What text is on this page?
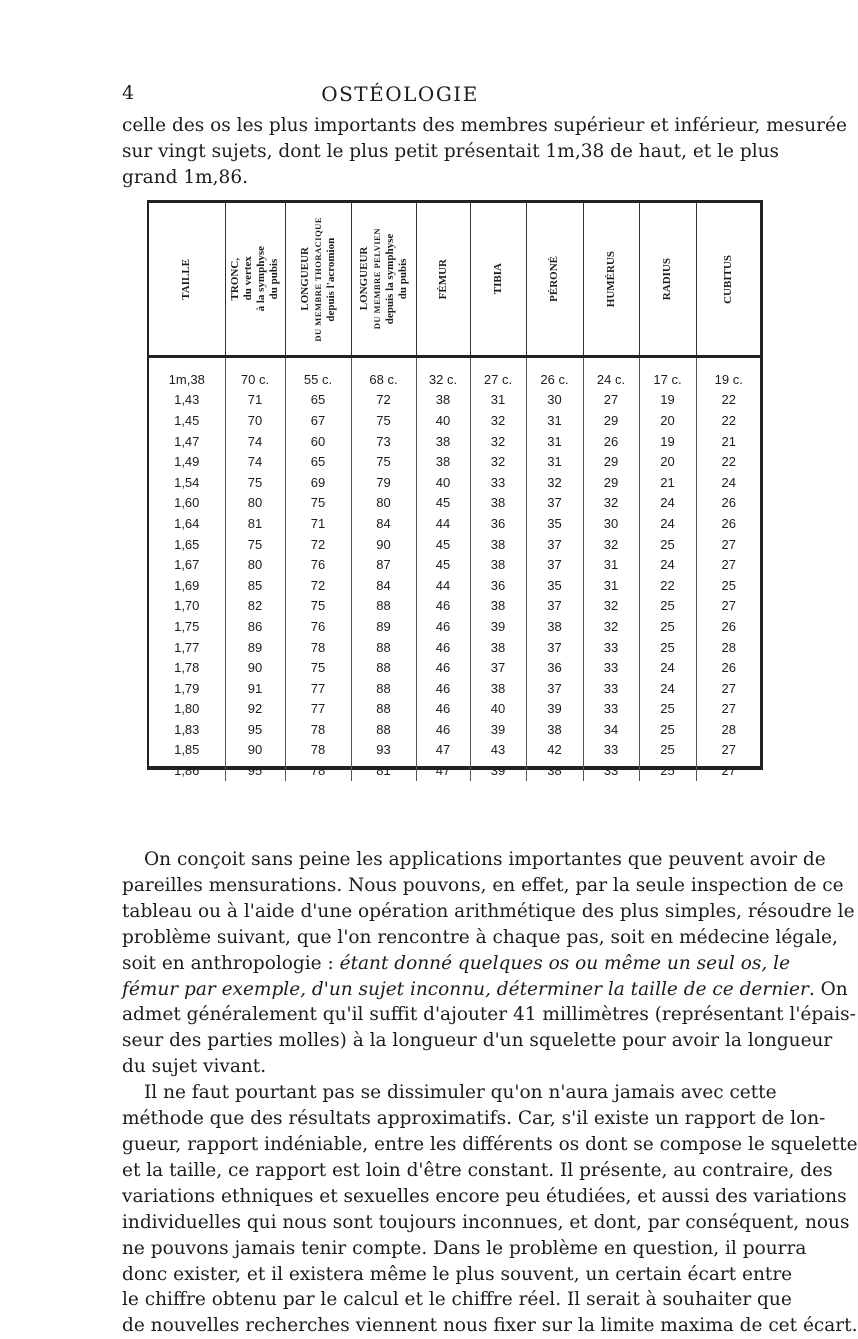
4	OSTÉOLOGIE
celle des os les plus importants des membres supérieur et inférieur, mesurée
sur vingt sujets, dont le plus petit présentait 1m,38 de haut, et le plus
grand 1m,86.
TAILLE	TRONC, du vertex à la symphyse du pubis	LONGUEUR DU MEMBRE THORACIQUE depuis l'acromion	LONGUEUR DU MEMBRE PELVIEN depuis la symphyse du pubis	FÉMUR	TIBIA	PÉRONÉ	HUMÉRUS	RADIUS	CUBITUS

1m,38	70 c.	55 c.	68 c.	32 c.	27 c.	26 c.	24 c.	17 c.	19 c.
1,43	71	65	72	38	31	30	27	19	22
1,45	70	67	75	40	32	31	29	20	22
1,47	74	60	73	38	32	31	26	19	21
1,49	74	65	75	38	32	31	29	20	22
1,54	75	69	79	40	33	32	29	21	24
1,60	80	75	80	45	38	37	32	24	26
1,64	81	71	84	44	36	35	30	24	26
1,65	75	72	90	45	38	37	32	25	27
1,67	80	76	87	45	38	37	31	24	27
1,69	85	72	84	44	36	35	31	22	25
1,70	82	75	88	46	38	37	32	25	27
1,75	86	76	89	46	39	38	32	25	26
1,77	89	78	88	46	38	37	33	25	28
1,78	90	75	88	46	37	36	33	24	26
1,79	91	77	88	46	38	37	33	24	27
1,80	92	77	88	46	40	39	33	25	27
1,83	95	78	88	46	39	38	34	25	28
1,85	90	78	93	47	43	42	33	25	27
1,86	95	78	81	47	39	38	33	25	27
On conçoit sans peine les applications importantes que peuvent avoir de
pareilles mensurations. Nous pouvons, en effet, par la seule inspection de ce
tableau ou à l'aide d'une opération arithmétique des plus simples, résoudre le
problème suivant, que l'on rencontre à chaque pas, soit en médecine légale,
soit en anthropologie : étant donné quelques os ou même un seul os, le
fémur par exemple, d'un sujet inconnu, déterminer la taille de ce dernier. On
admet généralement qu'il suffit d'ajouter 41 millimètres (représentant l'épais-
seur des parties molles) à la longueur d'un squelette pour avoir la longueur
du sujet vivant.
Il ne faut pourtant pas se dissimuler qu'on n'aura jamais avec cette
méthode que des résultats approximatifs. Car, s'il existe un rapport de lon-
gueur, rapport indéniable, entre les différents os dont se compose le squelette
et la taille, ce rapport est loin d'être constant. Il présente, au contraire, des
variations ethniques et sexuelles encore peu étudiées, et aussi des variations
individuelles qui nous sont toujours inconnues, et dont, par conséquent, nous
ne pouvons jamais tenir compte. Dans le problème en question, il pourra
donc exister, et il existera même le plus souvent, un certain écart entre
le chiffre obtenu par le calcul et le chiffre réel. Il serait à souhaiter que
de nouvelles recherches viennent nous fixer sur la limite maxima de cet écart.
